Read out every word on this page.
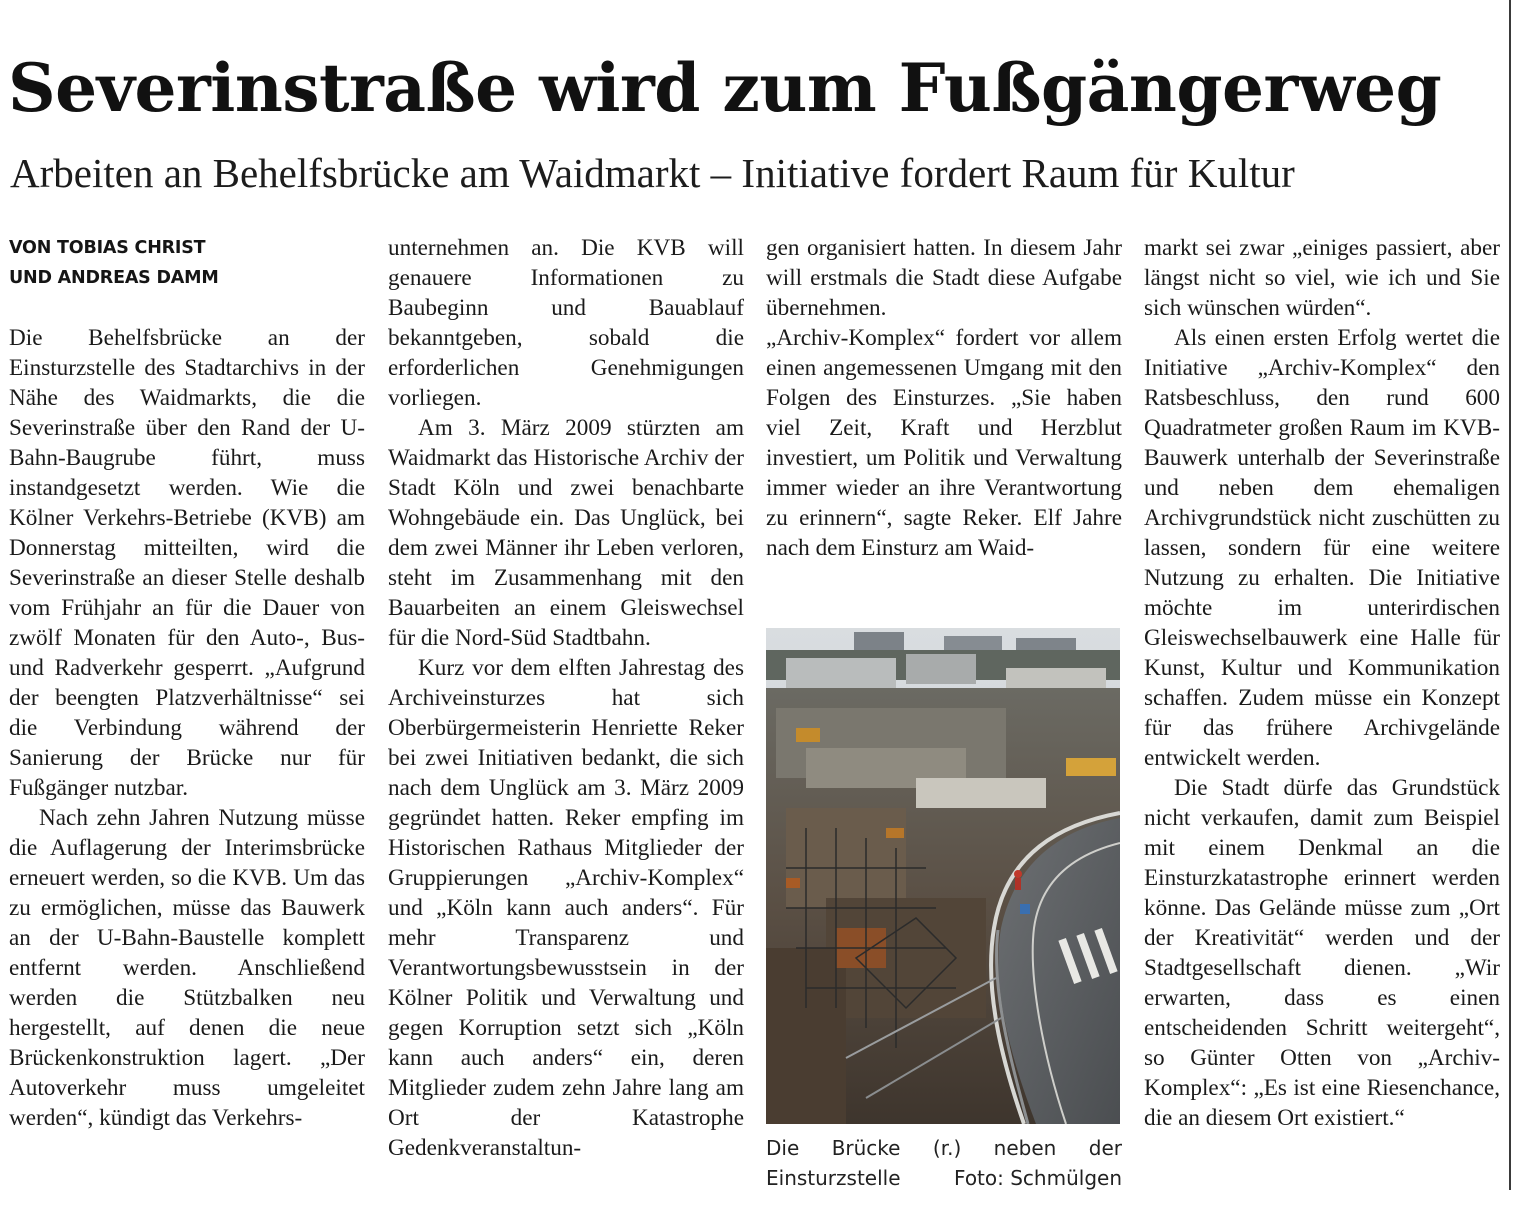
Severinstraße wird zum Fußgängerweg
Arbeiten an Behelfsbrücke am Waidmarkt – Initiative fordert Raum für Kultur
VON TOBIAS CHRIST
UND ANDREAS DAMM

Die Behelfsbrücke an der Einsturzstelle des Stadtarchivs in der Nähe des Waidmarkts, die die Severinstraße über den Rand der U-Bahn-Baugrube führt, muss instandgesetzt werden. Wie die Kölner Verkehrs-Betriebe (KVB) am Donnerstag mitteilten, wird die Severinstraße an dieser Stelle deshalb vom Frühjahr an für die Dauer von zwölf Monaten für den Auto-, Bus- und Radverkehr gesperrt. „Aufgrund der beengten Platzverhältnisse“ sei die Verbindung während der Sanierung der Brücke nur für Fußgänger nutzbar.

Nach zehn Jahren Nutzung müsse die Auflagerung der Interimsbrücke erneuert werden, so die KVB. Um das zu ermöglichen, müsse das Bauwerk an der U-Bahn-Baustelle komplett entfernt werden. Anschließend werden die Stützbalken neu hergestellt, auf denen die neue Brückenkonstruktion lagert. „Der Autoverkehr muss umgeleitet werden“, kündigt das Verkehrs-

unternehmen an. Die KVB will genauere Informationen zu Baubeginn und Bauablauf bekanntgeben, sobald die erforderlichen Genehmigungen vorliegen.

Am 3. März 2009 stürzten am Waidmarkt das Historische Archiv der Stadt Köln und zwei benachbarte Wohngebäude ein. Das Unglück, bei dem zwei Männer ihr Leben verloren, steht im Zusammenhang mit den Bauarbeiten an einem Gleiswechsel für die Nord-Süd Stadtbahn.

Kurz vor dem elften Jahrestag des Archiveinsturzes hat sich Oberbürgermeisterin Henriette Reker bei zwei Initiativen bedankt, die sich nach dem Unglück am 3. März 2009 gegründet hatten. Reker empfing im Historischen Rathaus Mitglieder der Gruppierungen „Archiv-Komplex“ und „Köln kann auch anders“. Für mehr Transparenz und Verantwortungsbewusstsein in der Kölner Politik und Verwaltung und gegen Korruption setzt sich „Köln kann auch anders“ ein, deren Mitglieder zudem zehn Jahre lang am Ort der Katastrophe Gedenkveranstaltun-

gen organisiert hatten. In diesem Jahr will erstmals die Stadt diese Aufgabe übernehmen.

„Archiv-Komplex“ fordert vor allem einen angemessenen Umgang mit den Folgen des Einsturzes. „Sie haben viel Zeit, Kraft und Herzblut investiert, um Politik und Verwaltung immer wieder an ihre Verantwortung zu erinnern“, sagte Reker. Elf Jahre nach dem Einsturz am Waid-

Die Brücke (r.) neben der Einsturzstelle	Foto: Schmülgen

markt sei zwar „einiges passiert, aber längst nicht so viel, wie ich und Sie sich wünschen würden“.

Als einen ersten Erfolg wertet die Initiative „Archiv-Komplex“ den Ratsbeschluss, den rund 600 Quadratmeter großen Raum im KVB-Bauwerk unterhalb der Severinstraße und neben dem ehemaligen Archivgrundstück nicht zuschütten zu lassen, sondern für eine weitere Nutzung zu erhalten. Die Initiative möchte im unterirdischen Gleiswechselbauwerk eine Halle für Kunst, Kultur und Kommunikation schaffen. Zudem müsse ein Konzept für das frühere Archivgelände entwickelt werden.

Die Stadt dürfe das Grundstück nicht verkaufen, damit zum Beispiel mit einem Denkmal an die Einsturzkatastrophe erinnert werden könne. Das Gelände müsse zum „Ort der Kreativität“ werden und der Stadtgesellschaft dienen. „Wir erwarten, dass es einen entscheidenden Schritt weitergeht“, so Günter Otten von „Archiv-Komplex“: „Es ist eine Riesenchance, die an diesem Ort existiert.“
